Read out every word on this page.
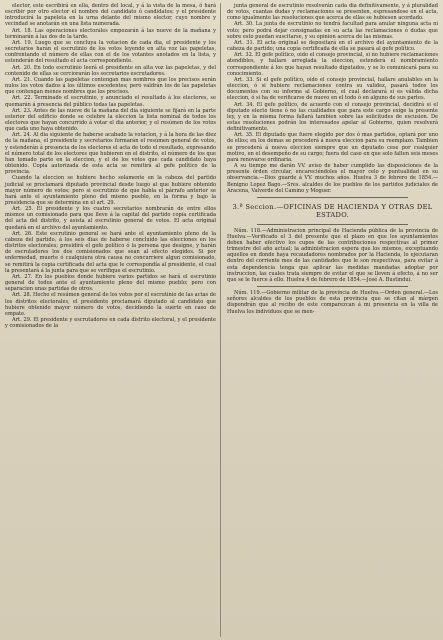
elector, este escribirá en ella, dentro del local, y á la vista de la mesa, ó hará escribir por otro elector el nombre del candidato ó candidatos; y el presidente introducirá la papeleta en la urna delante del mismo elector, cuyo nombre y vecindad se anotarán en una lista numerada.

Art. 18. Las operaciones electorales empezarán á las nueve de la mañana y terminarán á las dos de la tarde.

Art. 19. Luego que se concluya la votacion de cada dia, el presidente y los secretarios harán el escrutinio de los votos leyendo en alta voz las papeletas, confrontando el número de ellas con el de los votantes anotados en la lista, y estenderán del resultado el acta correspondiente.

Art. 20. En todo escrutinio leerá el presidente en alta voz las papeletas, y del contenido de ellas se cerciorarán los secretarios escrutadores.

Art. 21. Cuando las papeletas contengan mas nombres que los precisos serán nulos los votos dados á los últimos escedentes; pero valdrán los de las papeletas que contengan menos nombres que los precisos.

Art. 22. Terminado el escrutinio, y anunciado el resultado á los electores, se quemarán á presencia del público todas las papeletas.

Art. 23. Antes de las nueve de la mañana del dia siguiente se fijará en la parte esterior del edificio donde se celebre la eleccion la lista nominal de todos los electores que hayan concurrido á votar el dia anterior, y el resúmen de los votos que cada uno haya obtenido.

Art. 24. Al dia siguiente de haberse acabado la votacion, y á la hora de las diez de la mañana, el presidente y secretarios formarán el resúmen general de votos, y estenderán á presencia de los electores el acta de todo el resultado, expresando el número total de los electores que hubieren en el distrito, el número de los que han tomado parte en la eleccion, y el de los votos que cada candidato haya obtenido. Copia autorizada de esta acta se remitirá al gefe político de la provincia.

Cuando la eleccion se hubiere hecho solamente en la cabeza del partido judicial se proclamará diputado provincial desde luego al que hubiere obtenido mayor número de votos; pero si escrutinio de que habla el párrafo anterior se hará ante el ayuntamiento pleno del mismo pueblo, en la forma y bajo la presidencia que se determina en el art. 29.

Art. 25. El presidente y los cuatro secretarios nombrarán de entre ellos mismos un comisionado para que lleve á la capital del partido copia certificada del acta del distrito, y asista al escrutinio general de votos. El acta original quedará en el archivo del ayuntamiento.

Art. 26. Este escrutinio general se hará ante el ayuntamiento pleno de la cabeza del partido, á los seis dias de haberse concluido las elecciones en los distritos electorales; presidirá el gefe político ó la persona que designe, y harán de escrutadores los dos comisionados que sean al efecto elegidos. Si por enfermedad, muerte ó cualquiera otra causa no concurriere algun comisionado, se remitirá la copia certificada del acta que le correspondía al presidente, el cual la presentará á la junta para que se verifique el escrutinio.

Art. 27. En los pueblos donde hubiere varios partidos se hará el escrutinio general de todos ante el ayuntamiento pleno del mismo pueblo; pero con separacion unas partidas de otros.

Art. 28. Hecho el resúmen general de los votos por el escrutinio de las actas de los distritos electorales, el presidente proclamará diputado al candidato que hubiere obtenido mayor número de votos, decidiendo la suerte en caso de empate.

Art. 29. El presidente y escrutadores en cada distrito electoral, y el presidente y comisionados de la

junta general de escrutinio resolverán cada dia definitivamente, y á pluralidad de votos, cuantas dudas y reclamaciones se presenten, espresandose en el acta, como igualmente las resoluciones que acerca de ellas se hubiesen acordado.

Art. 30. La junta de escrutinio no tendrá facultad para anular ninguna acta ni voto; pero podrá dejar consignadas en su acta las reclamaciones ó dudas que sobre esto puedan suscitarse, y su opinion acerca de las mismas.

Art. 31. El acta original se depositará en el archivo del ayuntamiento de la cabeza de partido; una copia certificada de ella se pasará al gefe político.

Art. 32. El gefe político, oido el consejo provincial, si no hubiere reclamaciones atendibles, y hallare arreglada la eleccion, estenderá el nombramiento correspondiente á los que hayan resultado diputados, y se lo comunicará para su conocimiento.

Art. 33. Si el gefe político, oido el consejo provincial, hallare anulables en la eleccion, ó si hubiere reclamaciones contra su validez, pasará todos los documentos con su informe al Gobierno, el cual declarará si es válida dicha eleccion, ó si ha de verificarse de nuevo en el todo ó en alguno de sus partes.

Art. 34. El gefe político, de acuerdo con el consejo provincial, decidirá si el diputado electo tiene ó no las cualidades que para este cargo exige la presente ley, y en la misma forma fallará tambien sobre las solicitudes de escusion. De estas resoluciones podrán los interesados apelar al Gobierno, quien resolverá definitivamente.

Art. 35. El diputado que fuere elegido por dos ó mas partidos, optará por uno de ellos; en los demas se procederá á nueva eleccion para su reemplazo. Tambien se procederá á nueva eleccion siempre que un diputado cese por cualquier motivo, en el desempeño de su cargo; fuera del caso en que solo falten seis meses para renovarse ordinaria.

A su tiempo me darán VV. aviso de haber cumplido las disposiciones de la presente órden circular, encareciéndoles el mayor celo y puntualidad en su observancia.—Dios guarde á VV. muchos años. Huelva 3 de febrero de 1854.—Benigno Lopez Bago.—Sres. alcaldes de los pueblos de los partidos judiciales de Aracena, Valverde del Camino y Moguer.

3.ª Seccion.—OFICINAS DE HACIENDA Y OTRAS DEL ESTADO.

Núm. 118.—Administracion principal de Hacienda pública de la provincia de Huelva.—Verificado el 3 del presente que el plazo en que los ayuntamientos deben haber efectivo los cupos de las contribuciones respectivas al primer trimestre del año actual; la administracion espera que los mismos, exceptuando aquellos en donde haya recaudadores nombrados por la Hacienda, lo ejecutaran dentro del corriente mes de las cantidades que le son respectivas, para evitar á esta dependencia tenga que aplicar las medidas mandadas adoptar por instruccion, las cuales trata siempre de evitar el que se lleven á efecto, á no ser que se le fuerce á ello. Huelva 4 de febrero de 1854.—José A. Bustindui.

Núm. 119.—Gobierno militar de la provincia de Huelva.—Orden general.—Los señores alcaldes de los pueblos de esta provincia que se citan al márgen dispondrán que al recibo de este comparezcan á mi presencia en la villa de Huelva los individuos que se men-
